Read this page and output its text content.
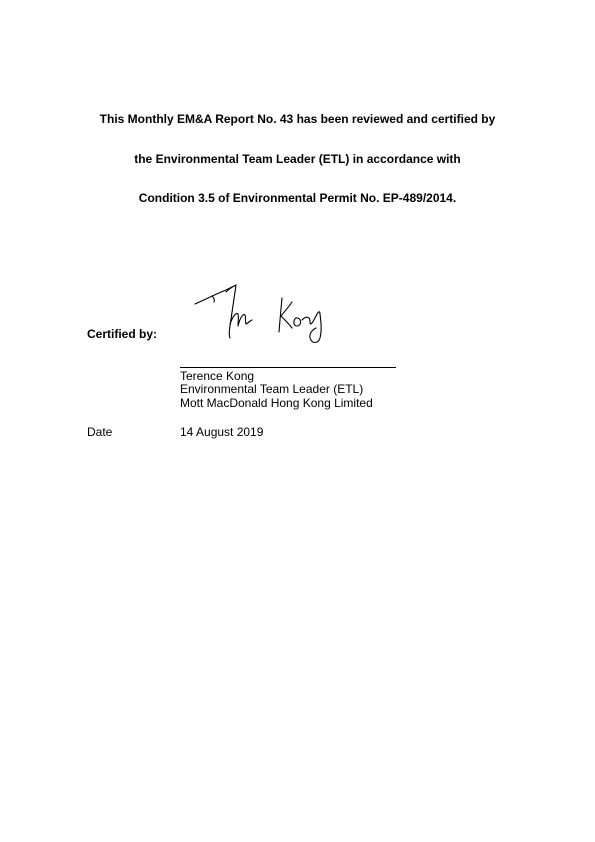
This Monthly EM&A Report No. 43 has been reviewed and certified by
the Environmental Team Leader (ETL) in accordance with
Condition 3.5 of Environmental Permit No. EP-489/2014.
Certified by:
Terence Kong
Environmental Team Leader (ETL)
Mott MacDonald Hong Kong Limited
Date	14 August 2019
